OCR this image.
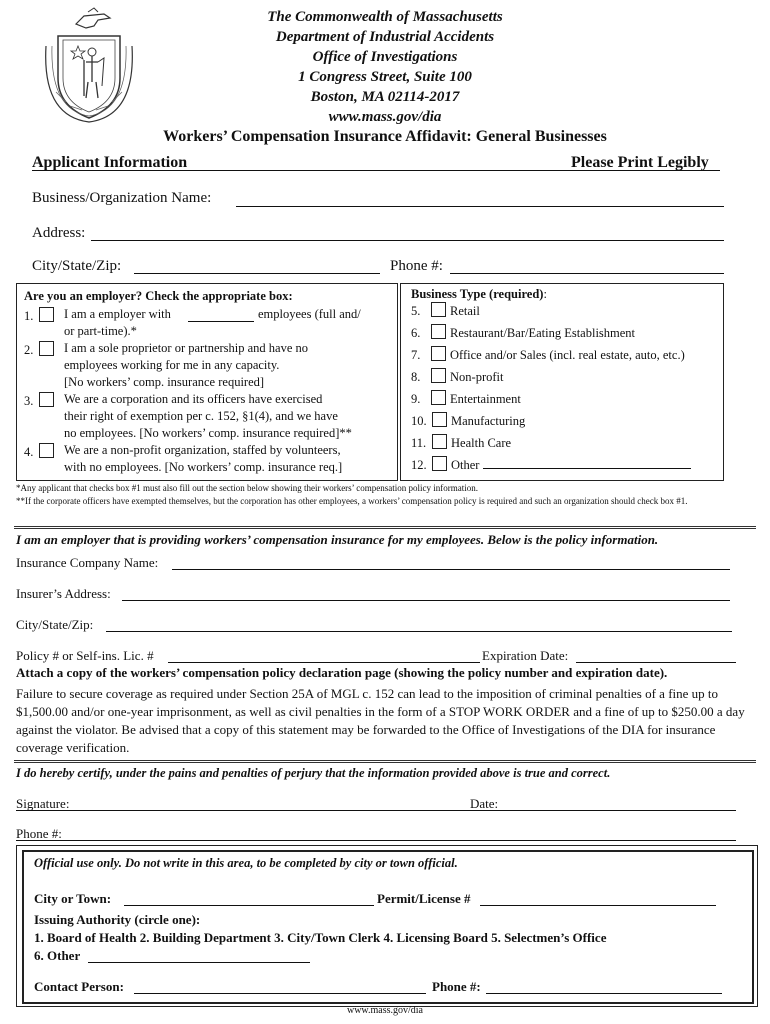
The Commonwealth of Massachusetts
Department of Industrial Accidents
Office of Investigations
1 Congress Street, Suite 100
Boston, MA 02114-2017
www.mass.gov/dia
Workers’ Compensation Insurance Affidavit: General Businesses
Applicant Information	Please Print Legibly
Business/Organization Name:
Address:
City/State/Zip:	Phone #:
Are you an employer? Check the appropriate box:
1.	I am a employer with	employees (full and/
or part-time).*
2.	I am a sole proprietor or partnership and have no
employees working for me in any capacity.
[No workers’ comp. insurance required]
3.	We are a corporation and its officers have exercised
their right of exemption per c. 152, §1(4), and we have
no employees. [No workers’ comp. insurance required]**
4.	We are a non-profit organization, staffed by volunteers,
with no employees. [No workers’ comp. insurance req.]
Business Type (required):
5. Retail
6. Restaurant/Bar/Eating Establishment
7. Office and/or Sales (incl. real estate, auto, etc.)
8. Non-profit
9. Entertainment
10. Manufacturing
11. Health Care
12. Other
*Any applicant that checks box #1 must also fill out the section below showing their workers’ compensation policy information.
**If the corporate officers have exempted themselves, but the corporation has other employees, a workers’ compensation policy is required and such an organization should check box #1.
I am an employer that is providing workers’ compensation insurance for my employees. Below is the policy information.
Insurance Company Name:
Insurer’s Address:
City/State/Zip:
Policy # or Self-ins. Lic. #	Expiration Date:
Attach a copy of the workers’ compensation policy declaration page (showing the policy number and expiration date).
Failure to secure coverage as required under Section 25A of MGL c. 152 can lead to the imposition of criminal penalties of a fine up to $1,500.00 and/or one-year imprisonment, as well as civil penalties in the form of a STOP WORK ORDER and a fine of up to $250.00 a day against the violator. Be advised that a copy of this statement may be forwarded to the Office of Investigations of the DIA for insurance coverage verification.
I do hereby certify, under the pains and penalties of perjury that the information provided above is true and correct.
Signature:	Date:
Phone #:
Official use only. Do not write in this area, to be completed by city or town official.
City or Town:	Permit/License #
Issuing Authority (circle one):
1. Board of Health 2. Building Department 3. City/Town Clerk 4. Licensing Board 5. Selectmen’s Office
6. Other
Contact Person:	Phone #:
www.mass.gov/dia
